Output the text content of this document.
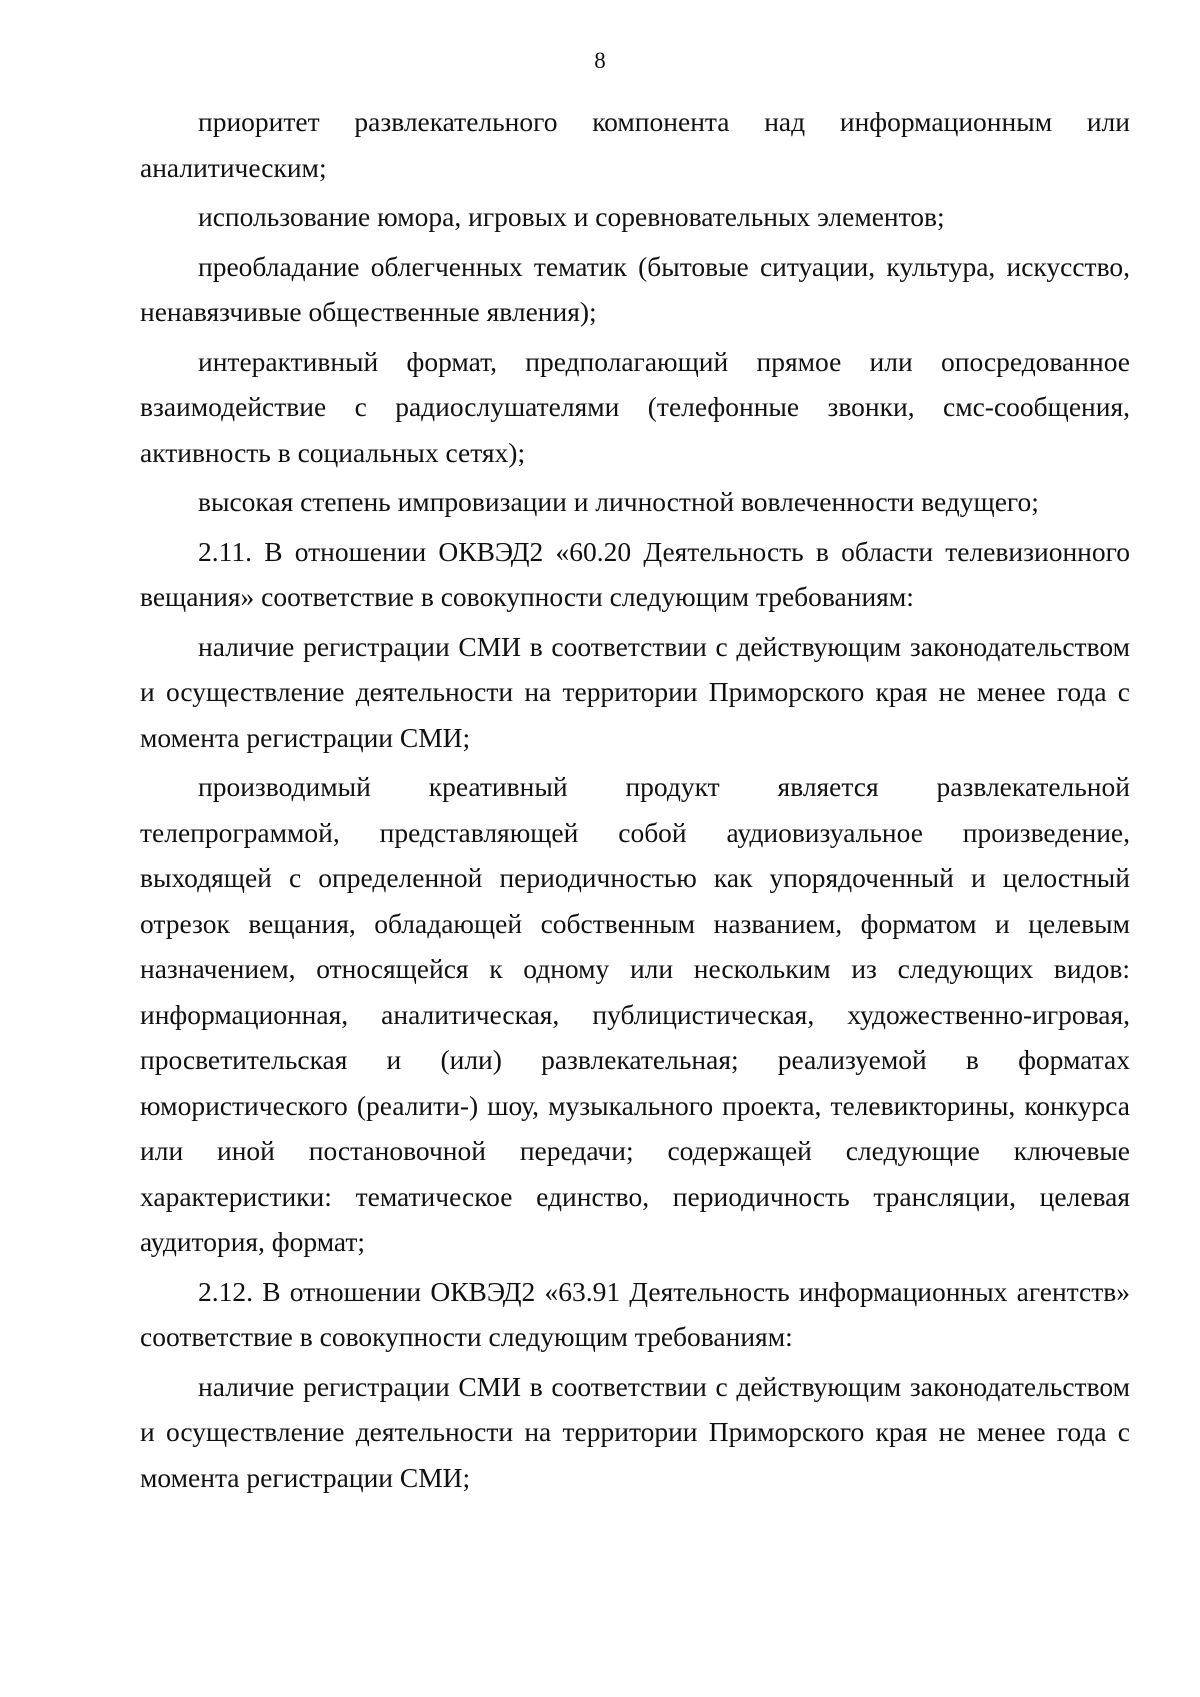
8

приоритет развлекательного компонента над информационным или аналитическим;

использование юмора, игровых и соревновательных элементов;

преобладание облегченных тематик (бытовые ситуации, культура, искусство, ненавязчивые общественные явления);

интерактивный формат, предполагающий прямое или опосредованное взаимодействие с радиослушателями (телефонные звонки, смс-сообщения, активность в социальных сетях);

высокая степень импровизации и личностной вовлеченности ведущего;

2.11. В отношении ОКВЭД2 «60.20 Деятельность в области телевизионного вещания» соответствие в совокупности следующим требованиям:

наличие регистрации СМИ в соответствии с действующим законодательством и осуществление деятельности на территории Приморского края не менее года с момента регистрации СМИ;

производимый креативный продукт является развлекательной телепрограммой, представляющей собой аудиовизуальное произведение, выходящей с определенной периодичностью как упорядоченный и целостный отрезок вещания, обладающей собственным названием, форматом и целевым назначением, относящейся к одному или нескольким из следующих видов: информационная, аналитическая, публицистическая, художественно-игровая, просветительская и (или) развлекательная; реализуемой в форматах юмористического (реалити-) шоу, музыкального проекта, телевикторины, конкурса или иной постановочной передачи; содержащей следующие ключевые характеристики: тематическое единство, периодичность трансляции, целевая аудитория, формат;

2.12. В отношении ОКВЭД2 «63.91 Деятельность информационных агентств» соответствие в совокупности следующим требованиям:

наличие регистрации СМИ в соответствии с действующим законодательством и осуществление деятельности на территории Приморского края не менее года с момента регистрации СМИ;
